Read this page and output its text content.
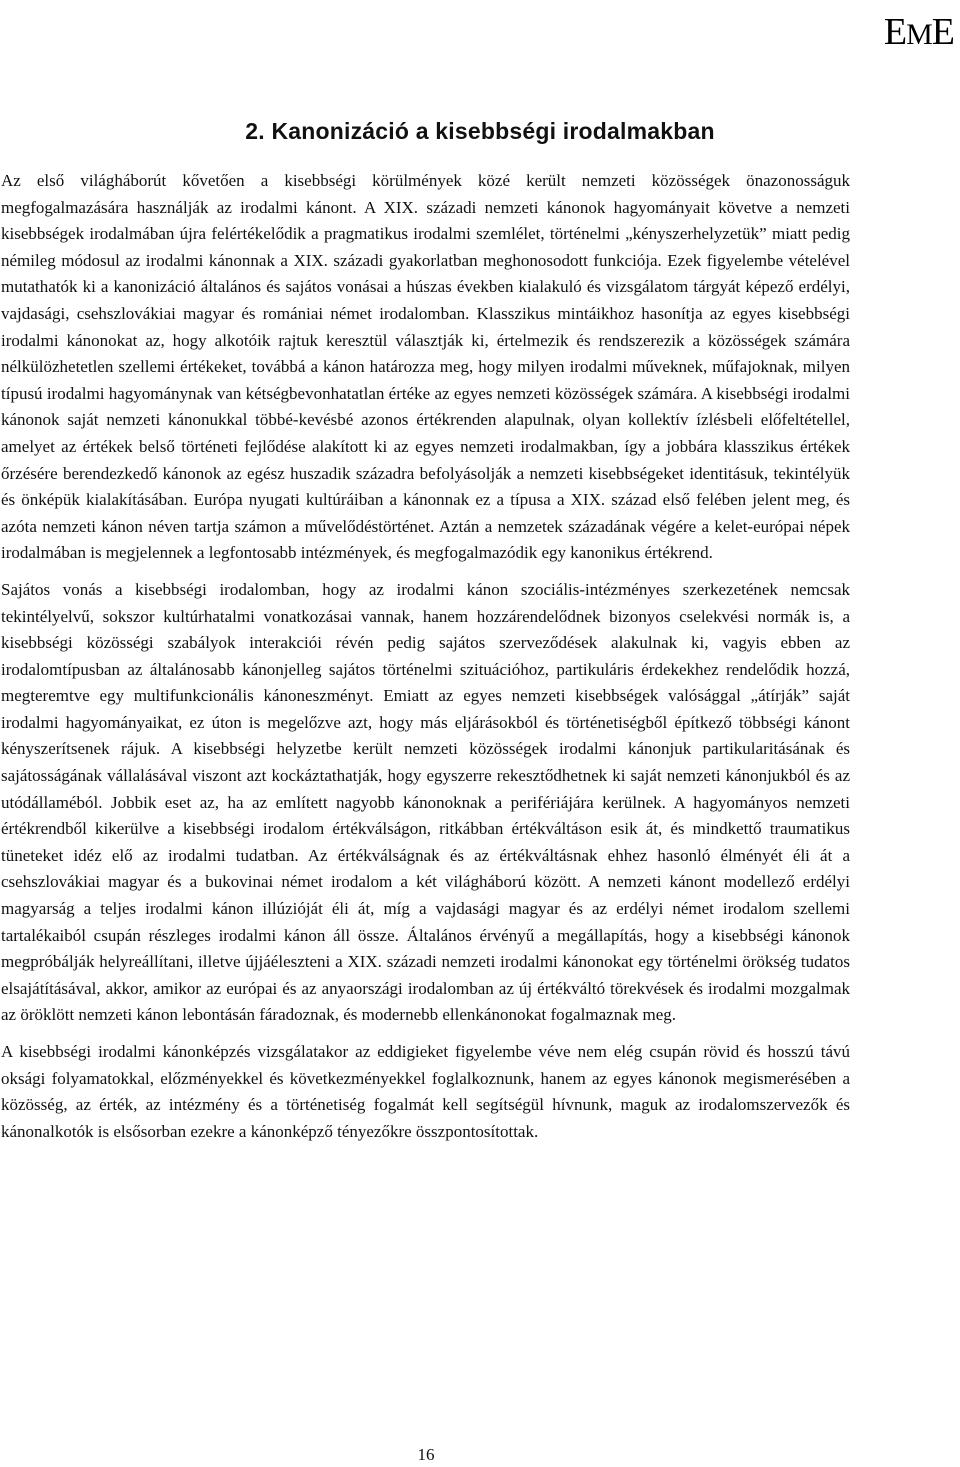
EME
2. Kanonizáció a kisebbségi irodalmakban

Az első világháborút kővetően a kisebbségi körülmények közé került nemzeti közösségek önazonosságuk megfogalmazására használják az irodalmi kánont. A XIX. századi nemzeti kánonok hagyományait követve a nemzeti kisebbségek irodalmában újra felértékelődik a pragmatikus irodalmi szemlélet, történelmi „kényszerhelyzetük” miatt pedig némileg módosul az irodalmi kánonnak a XIX. századi gyakorlatban meghonosodott funkciója. Ezek figyelembe vételével mutathatók ki a kanonizáció általános és sajátos vonásai a húszas években kialakuló és vizsgálatom tárgyát képező erdélyi, vajdasági, csehszlovákiai magyar és romániai német irodalomban. Klasszikus mintáikhoz hasonítja az egyes kisebbségi irodalmi kánonokat az, hogy alkotóik rajtuk keresztül választják ki, értelmezik és rendszerezik a közösségek számára nélkülözhetetlen szellemi értékeket, továbbá a kánon határozza meg, hogy milyen irodalmi műveknek, műfajoknak, milyen típusú irodalmi hagyománynak van kétségbevonhatatlan értéke az egyes nemzeti közösségek számára. A kisebbségi irodalmi kánonok saját nemzeti kánonukkal többé-kevésbé azonos értékrenden alapulnak, olyan kollektív ízlésbeli előfeltétellel, amelyet az értékek belső történeti fejlődése alakított ki az egyes nemzeti irodalmakban, így a jobbára klasszikus értékek őrzésére berendezkedő kánonok az egész huszadik századra befolyásolják a nemzeti kisebbségeket identitásuk, tekintélyük és önképük kialakításában. Európa nyugati kultúráiban a kánonnak ez a típusa a XIX. század első felében jelent meg, és azóta nemzeti kánon néven tartja számon a művelődéstörténet. Aztán a nemzetek századának végére a kelet-európai népek irodalmában is megjelennek a legfontosabb intézmények, és megfogalmazódik egy kanonikus értékrend.

Sajátos vonás a kisebbségi irodalomban, hogy az irodalmi kánon szociális-intézményes szerkezetének nemcsak tekintélyelvű, sokszor kultúrhatalmi vonatkozásai vannak, hanem hozzárendelődnek bizonyos cselekvési normák is, a kisebbségi közösségi szabályok interakciói révén pedig sajátos szerveződések alakulnak ki, vagyis ebben az irodalomtípusban az általánosabb kánonjelleg sajátos történelmi szituációhoz, partikuláris érdekekhez rendelődik hozzá, megteremtve egy multifunkcionális kánoneszményt. Emiatt az egyes nemzeti kisebbségek valósággal „átírják” saját irodalmi hagyományaikat, ez úton is megelőzve azt, hogy más eljárásokból és történetiségből építkező többségi kánont kényszerítsenek rájuk. A kisebbségi helyzetbe került nemzeti közösségek irodalmi kánonjuk partikularitásának és sajátosságának vállalásával viszont azt kockáztathatják, hogy egyszerre rekesztődhetnek ki saját nemzeti kánonjukból és az utódállaméból. Jobbik eset az, ha az említett nagyobb kánonoknak a perifériájára kerülnek. A hagyományos nemzeti értékrendből kikerülve a kisebbségi irodalom értékválságon, ritkábban értékváltáson esik át, és mindkettő traumatikus tüneteket idéz elő az irodalmi tudatban. Az értékválságnak és az értékváltásnak ehhez hasonló élményét éli át a csehszlovákiai magyar és a bukovinai német irodalom a két világháború között. A nemzeti kánont modellező erdélyi magyarság a teljes irodalmi kánon illúzióját éli át, míg a vajdasági magyar és az erdélyi német irodalom szellemi tartalékaiból csupán részleges irodalmi kánon áll össze. Általános érvényű a megállapítás, hogy a kisebbségi kánonok megpróbálják helyreállítani, illetve újjáéleszteni a XIX. századi nemzeti irodalmi kánonokat egy történelmi örökség tudatos elsajátításával, akkor, amikor az európai és az anyaországi irodalomban az új értékváltó törekvések és irodalmi mozgalmak az öröklött nemzeti kánon lebontásán fáradoznak, és modernebb ellenkánonokat fogalmaznak meg.

A kisebbségi irodalmi kánonképzés vizsgálatakor az eddigieket figyelembe véve nem elég csupán rövid és hosszú távú oksági folyamatokkal, előzményekkel és következményekkel foglalkoznunk, hanem az egyes kánonok megismerésében a közösség, az érték, az intézmény és a történetiség fogalmát kell segítségül hívnunk, maguk az irodalomszervezők és kánonalkotók is elsősorban ezekre a kánonképző tényezőkre összpontosítottak.

16
